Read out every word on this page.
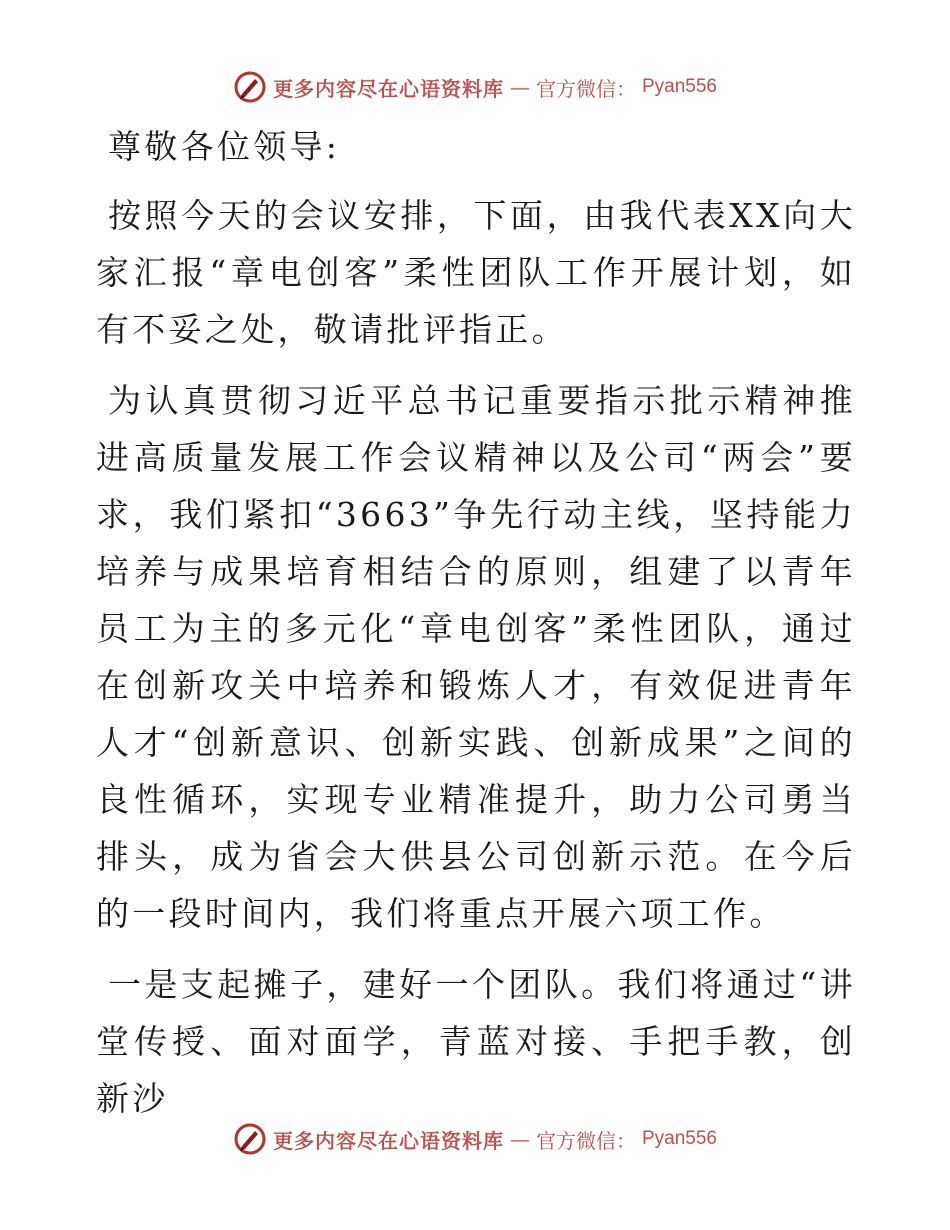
更多内容尽在心语资料库 — 官方微信： Pyan556

尊敬各位领导:

按照今天的会议安排，下面，由我代表XX向大家汇报“章电创客”柔性团队工作开展计划，如有不妥之处，敬请批评指正。

为认真贯彻习近平总书记重要指示批示精神推进高质量发展工作会议精神以及公司“两会”要求，我们紧扣“3663”争先行动主线，坚持能力培养与成果培育相结合的原则，组建了以青年员工为主的多元化“章电创客”柔性团队，通过在创新攻关中培养和锻炼人才，有效促进青年人才“创新意识、创新实践、创新成果”之间的良性循环，实现专业精准提升，助力公司勇当排头，成为省会大供县公司创新示范。在今后的一段时间内，我们将重点开展六项工作。

一是支起摊子，建好一个团队。我们将通过“讲堂传授、面对面学，青蓝对接、手把手教，创新沙

更多内容尽在心语资料库 — 官方微信： Pyan556
